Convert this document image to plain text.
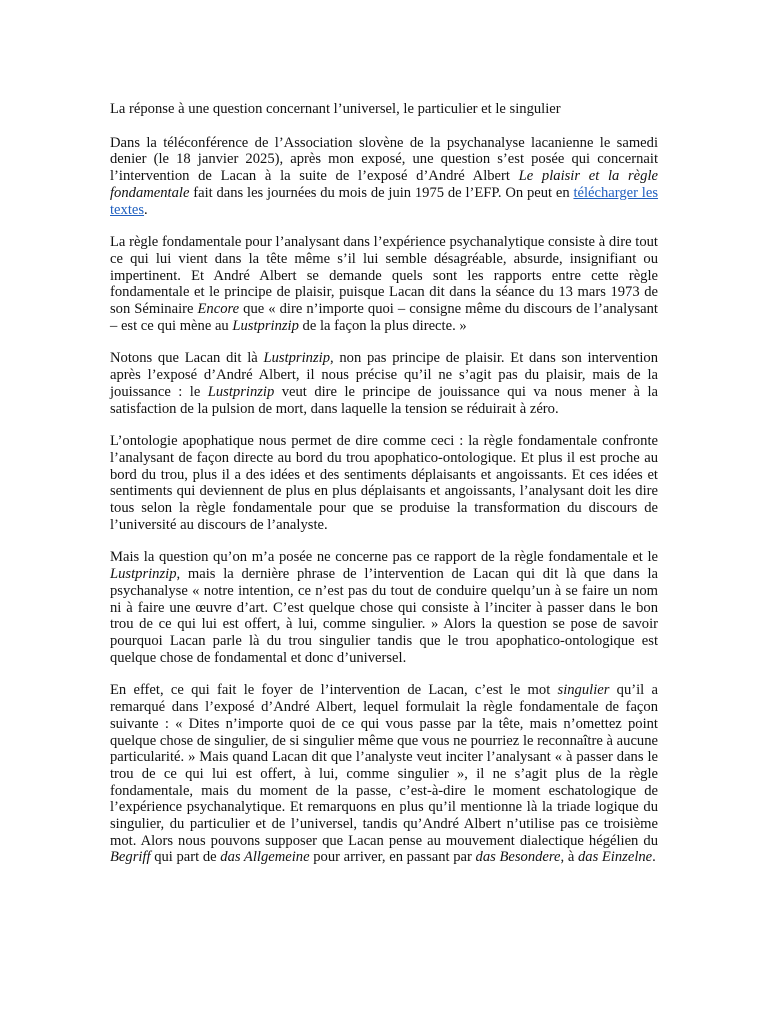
La réponse à une question concernant l’universel, le particulier et le singulier

Dans la téléconférence de l’Association slovène de la psychanalyse lacanienne le samedi denier (le 18 janvier 2025), après mon exposé, une question s’est posée qui concernait l’intervention de Lacan à la suite de l’exposé d’André Albert Le plaisir et la règle fondamentale fait dans les journées du mois de juin 1975 de l’EFP. On peut en télécharger les textes.

La règle fondamentale pour l’analysant dans l’expérience psychanalytique consiste à dire tout ce qui lui vient dans la tête même s’il lui semble désagréable, absurde, insignifiant ou impertinent. Et André Albert se demande quels sont les rapports entre cette règle fondamentale et le principe de plaisir, puisque Lacan dit dans la séance du 13 mars 1973 de son Séminaire Encore que « dire n’importe quoi – consigne même du discours de l’analysant – est ce qui mène au Lustprinzip de la façon la plus directe. »

Notons que Lacan dit là Lustprinzip, non pas principe de plaisir. Et dans son intervention après l’exposé d’André Albert, il nous précise qu’il ne s’agit pas du plaisir, mais de la jouissance : le Lustprinzip veut dire le principe de jouissance qui va nous mener à la satisfaction de la pulsion de mort, dans laquelle la tension se réduirait à zéro.

L’ontologie apophatique nous permet de dire comme ceci : la règle fondamentale confronte l’analysant de façon directe au bord du trou apophatico-ontologique. Et plus il est proche au bord du trou, plus il a des idées et des sentiments déplaisants et angoissants. Et ces idées et sentiments qui deviennent de plus en plus déplaisants et angoissants, l’analysant doit les dire tous selon la règle fondamentale pour que se produise la transformation du discours de l’université au discours de l’analyste.

Mais la question qu’on m’a posée ne concerne pas ce rapport de la règle fondamentale et le Lustprinzip, mais la dernière phrase de l’intervention de Lacan qui dit là que dans la psychanalyse « notre intention, ce n’est pas du tout de conduire quelqu’un à se faire un nom ni à faire une œuvre d’art. C’est quelque chose qui consiste à l’inciter à passer dans le bon trou de ce qui lui est offert, à lui, comme singulier. » Alors la question se pose de savoir pourquoi Lacan parle là du trou singulier tandis que le trou apophatico-ontologique est quelque chose de fondamental et donc d’universel.

En effet, ce qui fait le foyer de l’intervention de Lacan, c’est le mot singulier qu’il a remarqué dans l’exposé d’André Albert, lequel formulait la règle fondamentale de façon suivante : « Dites n’importe quoi de ce qui vous passe par la tête, mais n’omettez point quelque chose de singulier, de si singulier même que vous ne pourriez le reconnaître à aucune particularité. » Mais quand Lacan dit que l’analyste veut inciter l’analysant « à passer dans le trou de ce qui lui est offert, à lui, comme singulier », il ne s’agit plus de la règle fondamentale, mais du moment de la passe, c’est-à-dire le moment eschatologique de l’expérience psychanalytique. Et remarquons en plus qu’il mentionne là la triade logique du singulier, du particulier et de l’universel, tandis qu’André Albert n’utilise pas ce troisième mot. Alors nous pouvons supposer que Lacan pense au mouvement dialectique hégélien du Begriff qui part de das Allgemeine pour arriver, en passant par das Besondere, à das Einzelne.
